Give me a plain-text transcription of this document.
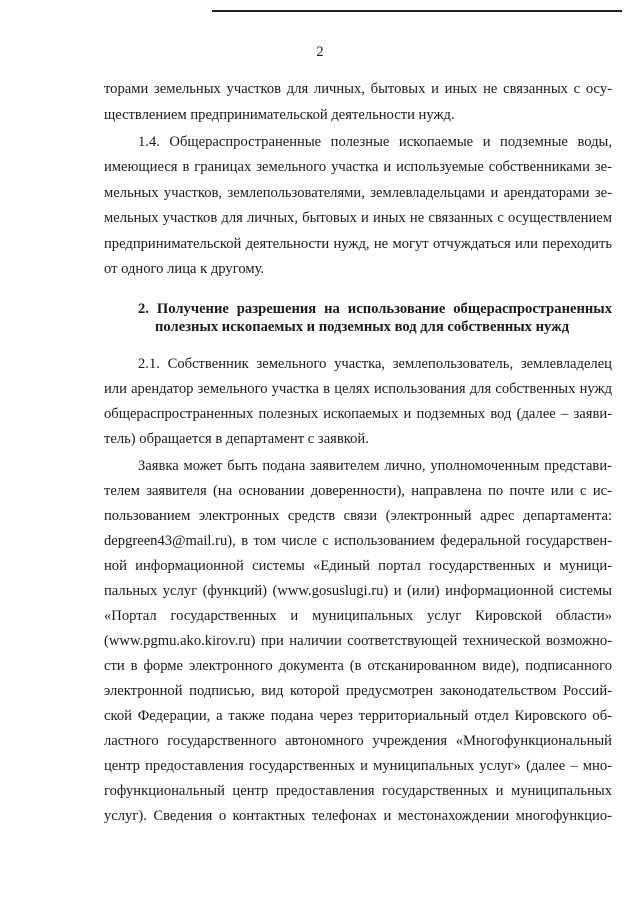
2
торами земельных участков для личных, бытовых и иных не связанных с осу-
ществлением предпринимательской деятельности нужд.
1.4. Общераспространенные полезные ископаемые и подземные воды,
имеющиеся в границах земельного участка и используемые собственниками зе-
мельных участков, землепользователями, землевладельцами и арендаторами зе-
мельных участков для личных, бытовых и иных не связанных с осуществлением
предпринимательской деятельности нужд, не могут отчуждаться или переходить
от одного лица к другому.
2. Получение разрешения на использование общераспространенных
полезных ископаемых и подземных вод для собственных нужд
2.1. Собственник земельного участка, землепользователь, землевладелец
или арендатор земельного участка в целях использования для собственных нужд
общераспространенных полезных ископаемых и подземных вод (далее – заяви-
тель) обращается в департамент с заявкой.
Заявка может быть подана заявителем лично, уполномоченным представи-
телем заявителя (на основании доверенности), направлена по почте или с ис-
пользованием электронных средств связи (электронный адрес департамента:
depgreen43@mail.ru), в том числе с использованием федеральной государствен-
ной информационной системы «Единый портал государственных и муници-
пальных услуг (функций) (www.gosuslugi.ru) и (или) информационной системы
«Портал государственных и муниципальных услуг Кировской области»
(www.pgmu.ako.kirov.ru) при наличии соответствующей технической возможно-
сти в форме электронного документа (в отсканированном виде), подписанного
электронной подписью, вид которой предусмотрен законодательством Россий-
ской Федерации, а также подана через территориальный отдел Кировского об-
ластного государственного автономного учреждения «Многофункциональный
центр предоставления государственных и муниципальных услуг» (далее – мно-
гофункциональный центр предоставления государственных и муниципальных
услуг). Сведения о контактных телефонах и местонахождении многофункцио-
